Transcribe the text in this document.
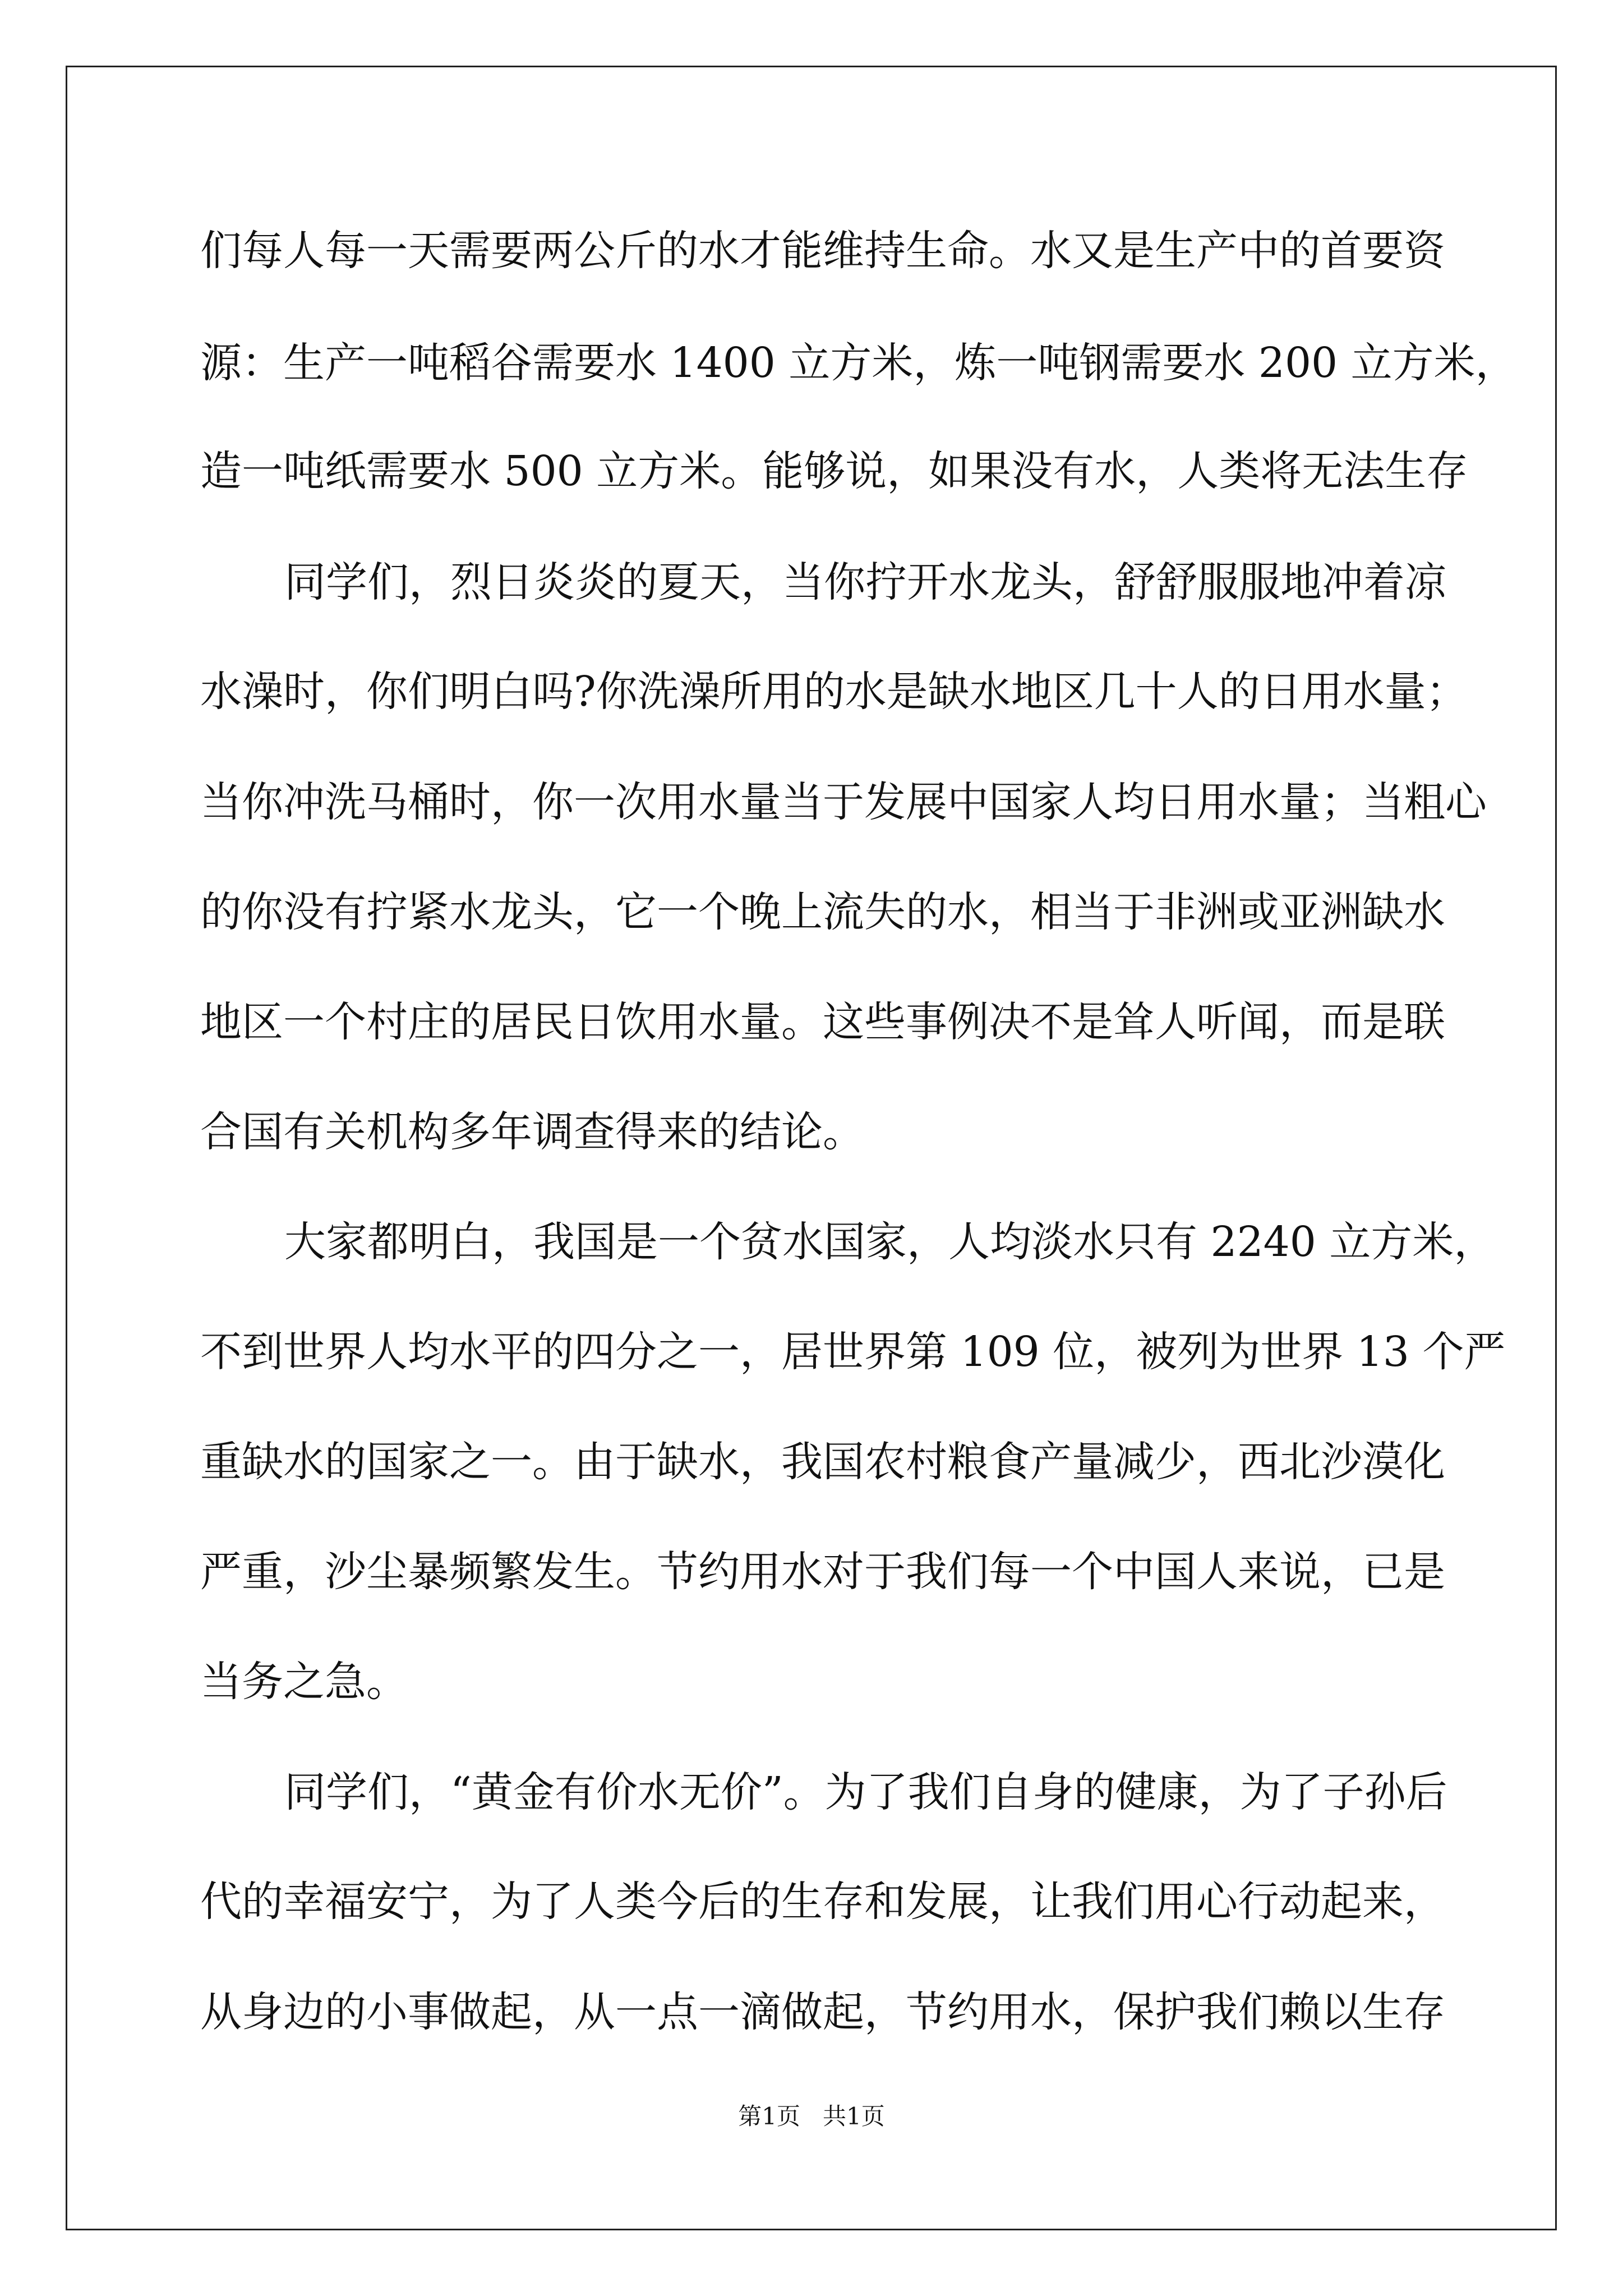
们每人每一天需要两公斤的水才能维持生命。水又是生产中的首要资
源：生产一吨稻谷需要水 1400 立方米，炼一吨钢需要水 200 立方米，
造一吨纸需要水 500 立方米。能够说，如果没有水，人类将无法生存
同学们，烈日炎炎的夏天，当你拧开水龙头，舒舒服服地冲着凉
水澡时，你们明白吗?你洗澡所用的水是缺水地区几十人的日用水量；
当你冲洗马桶时，你一次用水量当于发展中国家人均日用水量；当粗心
的你没有拧紧水龙头，它一个晚上流失的水，相当于非洲或亚洲缺水
地区一个村庄的居民日饮用水量。这些事例决不是耸人听闻，而是联
合国有关机构多年调查得来的结论。
大家都明白，我国是一个贫水国家，人均淡水只有 2240 立方米，
不到世界人均水平的四分之一，居世界第 109 位，被列为世界 13 个严
重缺水的国家之一。由于缺水，我国农村粮食产量减少，西北沙漠化
严重，沙尘暴频繁发生。节约用水对于我们每一个中国人来说，已是
当务之急。
同学们，“黄金有价水无价”。为了我们自身的健康，为了子孙后
代的幸福安宁，为了人类今后的生存和发展，让我们用心行动起来，
从身边的小事做起，从一点一滴做起，节约用水，保护我们赖以生存
第1页   共1页
